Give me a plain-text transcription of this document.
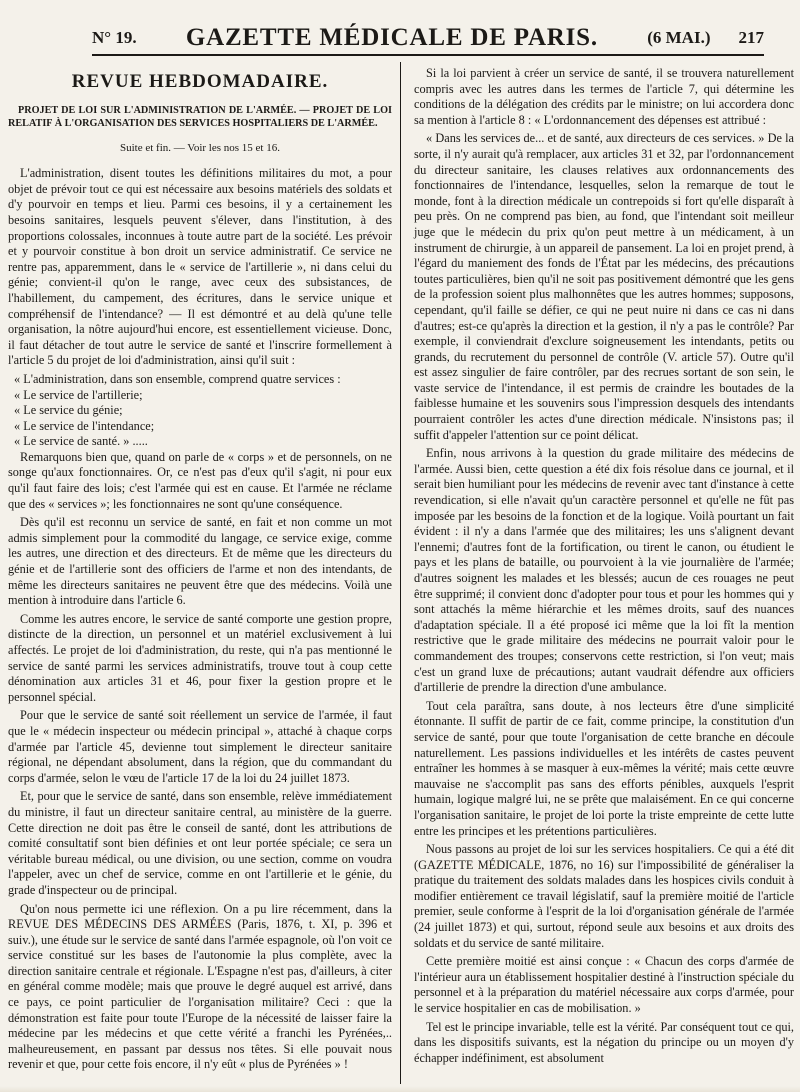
N° 19. GAZETTE MÉDICALE DE PARIS.	(6 MAI.) 217
REVUE HEBDOMADAIRE.
PROJET DE LOI SUR L'ADMINISTRATION DE L'ARMÉE. — PROJET DE LOI RELATIF À L'ORGANISATION DES SERVICES HOSPITALIERS DE L'ARMÉE.
Suite et fin. — Voir les nos 15 et 16.

L'administration, disent toutes les définitions militaires du mot, a pour objet de prévoir tout ce qui est nécessaire aux besoins matériels des soldats et d'y pourvoir en temps et lieu. Parmi ces besoins, il y a certainement les besoins sanitaires, lesquels peuvent s'élever, dans l'institution, à des proportions colossales, inconnues à toute autre part de la société. Les prévoir et y pourvoir constitue à bon droit un service administratif. Ce service ne rentre pas, apparemment, dans le « service de l'artillerie », ni dans celui du génie; convient-il qu'on le range, avec ceux des subsistances, de l'habillement, du campement, des écritures, dans le service unique et compréhensif de l'intendance? — Il est démontré et au delà qu'une telle organisation, la nôtre aujourd'hui encore, est essentiellement vicieuse. Donc, il faut détacher de tout autre le service de santé et l'inscrire formellement à l'article 5 du projet de loi d'administration, ainsi qu'il suit :

« L'administration, dans son ensemble, comprend quatre services :

« Le service de l'artillerie;

« Le service du génie;

« Le service de l'intendance;

« Le service de santé. » .....

Remarquons bien que, quand on parle de « corps » et de personnels, on ne songe qu'aux fonctionnaires. Or, ce n'est pas d'eux qu'il s'agit, ni pour eux qu'il faut faire des lois; c'est l'armée qui est en cause. Et l'armée ne réclame que des « services »; les fonctionnaires ne sont qu'une conséquence.

Dès qu'il est reconnu un service de santé, en fait et non comme un mot admis simplement pour la commodité du langage, ce service exige, comme les autres, une direction et des directeurs. Et de même que les directeurs du génie et de l'artillerie sont des officiers de l'arme et non des intendants, de même les directeurs sanitaires ne peuvent être que des médecins. Voilà une mention à introduire dans l'article 6.

Comme les autres encore, le service de santé comporte une gestion propre, distincte de la direction, un personnel et un matériel exclusivement à lui affectés. Le projet de loi d'administration, du reste, qui n'a pas mentionné le service de santé parmi les services administratifs, trouve tout à coup cette dénomination aux articles 31 et 46, pour fixer la gestion propre et le personnel spécial.

Pour que le service de santé soit réellement un service de l'armée, il faut que le « médecin inspecteur ou médecin principal », attaché à chaque corps d'armée par l'article 45, devienne tout simplement le directeur sanitaire régional, ne dépendant absolument, dans la région, que du commandant du corps d'armée, selon le vœu de l'article 17 de la loi du 24 juillet 1873.

Et, pour que le service de santé, dans son ensemble, relève immédiatement du ministre, il faut un directeur sanitaire central, au ministère de la guerre. Cette direction ne doit pas être le conseil de santé, dont les attributions de comité consultatif sont bien définies et ont leur portée spéciale; ce sera un véritable bureau médical, ou une division, ou une section, comme on voudra l'appeler, avec un chef de service, comme en ont l'artillerie et le génie, du grade d'inspecteur ou de principal.

Qu'on nous permette ici une réflexion. On a pu lire récemment, dans la REVUE DES MÉDECINS DES ARMÉES (Paris, 1876, t. XI, p. 396 et suiv.), une étude sur le service de santé dans l'armée espagnole, où l'on voit ce service constitué sur les bases de l'autonomie la plus complète, avec la direction sanitaire centrale et régionale. L'Espagne n'est pas, d'ailleurs, à citer en général comme modèle; mais que prouve le degré auquel est arrivé, dans ce pays, ce point particulier de l'organisation militaire? Ceci : que la démonstration est faite pour toute l'Europe de la nécessité de laisser faire la médecine par les médecins et que cette vérité a franchi les Pyrénées,.. malheureusement, en passant par dessus nos têtes. Si elle pouvait nous revenir et que, pour cette fois encore, il n'y eût « plus de Pyrénées » !

Si la loi parvient à créer un service de santé, il se trouvera naturellement compris avec les autres dans les termes de l'article 7, qui détermine les conditions de la délégation des crédits par le ministre; on lui accordera donc sa mention à l'article 8 : « L'ordonnancement des dépenses est attribué :

« Dans les services de... et de santé, aux directeurs de ces services. » De la sorte, il n'y aurait qu'à remplacer, aux articles 31 et 32, par l'ordonnancement du directeur sanitaire, les clauses relatives aux ordonnancements des fonctionnaires de l'intendance, lesquelles, selon la remarque de tout le monde, font à la direction médicale un contrepoids si fort qu'elle disparaît à peu près. On ne comprend pas bien, au fond, que l'intendant soit meilleur juge que le médecin du prix qu'on peut mettre à un médicament, à un instrument de chirurgie, à un appareil de pansement. La loi en projet prend, à l'égard du maniement des fonds de l'État par les médecins, des précautions toutes particulières, bien qu'il ne soit pas positivement démontré que les gens de la profession soient plus malhonnêtes que les autres hommes; supposons, cependant, qu'il faille se défier, ce qui ne peut nuire ni dans ce cas ni dans d'autres; est-ce qu'après la direction et la gestion, il n'y a pas le contrôle? Par exemple, il conviendrait d'exclure soigneusement les intendants, petits ou grands, du recrutement du personnel de contrôle (V. article 57). Outre qu'il est assez singulier de faire contrôler, par des recrues sortant de son sein, le vaste service de l'intendance, il est permis de craindre les boutades de la faiblesse humaine et les souvenirs sous l'impression desquels des intendants pourraient contrôler les actes d'une direction médicale. N'insistons pas; il suffit d'appeler l'attention sur ce point délicat.

Enfin, nous arrivons à la question du grade militaire des médecins de l'armée. Aussi bien, cette question a été dix fois résolue dans ce journal, et il serait bien humiliant pour les médecins de revenir avec tant d'instance à cette revendication, si elle n'avait qu'un caractère personnel et qu'elle ne fût pas imposée par les besoins de la fonction et de la logique. Voilà pourtant un fait évident : il n'y a dans l'armée que des militaires; les uns s'alignent devant l'ennemi; d'autres font de la fortification, ou tirent le canon, ou étudient le pays et les plans de bataille, ou pourvoient à la vie journalière de l'armée; d'autres soignent les malades et les blessés; aucun de ces rouages ne peut être supprimé; il convient donc d'adopter pour tous et pour les hommes qui y sont attachés la même hiérarchie et les mêmes droits, sauf des nuances d'adaptation spéciale. Il a été proposé ici même que la loi fît la mention restrictive que le grade militaire des médecins ne pourrait valoir pour le commandement des troupes; conservons cette restriction, si l'on veut; mais c'est un grand luxe de précautions; autant vaudrait défendre aux officiers d'artillerie de prendre la direction d'une ambulance.

Tout cela paraîtra, sans doute, à nos lecteurs être d'une simplicité étonnante. Il suffit de partir de ce fait, comme principe, la constitution d'un service de santé, pour que toute l'organisation de cette branche en découle naturellement. Les passions individuelles et les intérêts de castes peuvent entraîner les hommes à se masquer à eux-mêmes la vérité; mais cette œuvre mauvaise ne s'accomplit pas sans des efforts pénibles, auxquels l'esprit humain, logique malgré lui, ne se prête que malaisément. En ce qui concerne l'organisation sanitaire, le projet de loi porte la triste empreinte de cette lutte entre les principes et les prétentions particulières.

Nous passons au projet de loi sur les services hospitaliers. Ce qui a été dit (GAZETTE MÉDICALE, 1876, no 16) sur l'impossibilité de généraliser la pratique du traitement des soldats malades dans les hospices civils conduit à modifier entièrement ce travail législatif, sauf la première moitié de l'article premier, seule conforme à l'esprit de la loi d'organisation générale de l'armée (24 juillet 1873) et qui, surtout, répond seule aux besoins et aux droits des soldats et du service de santé militaire.

Cette première moitié est ainsi conçue : « Chacun des corps d'armée de l'intérieur aura un établissement hospitalier destiné à l'instruction spéciale du personnel et à la préparation du matériel nécessaire aux corps d'armée, pour le service hospitalier en cas de mobilisation. »

Tel est le principe invariable, telle est la vérité. Par conséquent tout ce qui, dans les dispositifs suivants, est la négation du principe ou un moyen d'y échapper indéfiniment, est absolument
